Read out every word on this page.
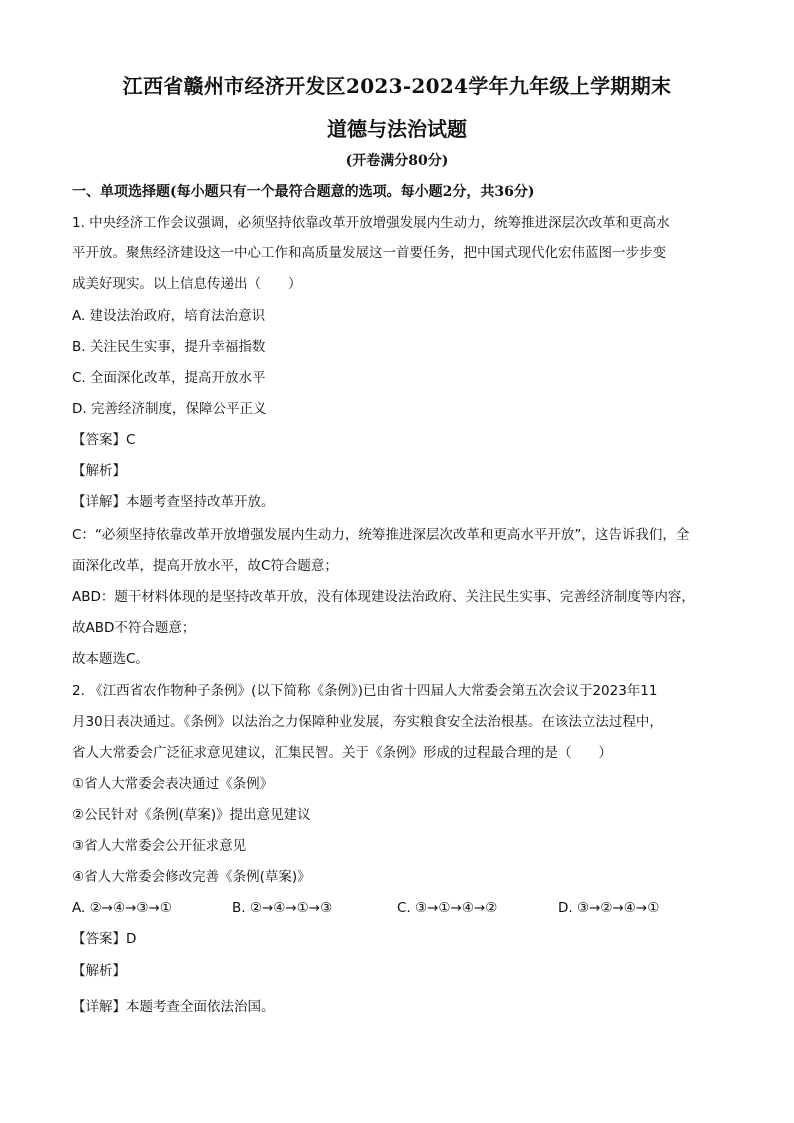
江西省赣州市经济开发区2023-2024学年九年级上学期期末
道德与法治试题
(开卷满分80分)
一、单项选择题(每小题只有一个最符合题意的选项。每小题2分，共36分)
1. 中央经济工作会议强调，必须坚持依靠改革开放增强发展内生动力，统筹推进深层次改革和更高水
平开放。聚焦经济建设这一中心工作和高质量发展这一首要任务，把中国式现代化宏伟蓝图一步步变
成美好现实。以上信息传递出（　　）
A. 建设法治政府，培育法治意识
B. 关注民生实事，提升幸福指数
C. 全面深化改革，提高开放水平
D. 完善经济制度，保障公平正义
【答案】C
【解析】
【详解】本题考查坚持改革开放。
C：“必须坚持依靠改革开放增强发展内生动力，统筹推进深层次改革和更高水平开放”，这告诉我们，全
面深化改革，提高开放水平，故C符合题意；
ABD：题干材料体现的是坚持改革开放，没有体现建设法治政府、关注民生实事、完善经济制度等内容，
故ABD不符合题意；
故本题选C。
2. 《江西省农作物种子条例》(以下简称《条例》)已由省十四届人大常委会第五次会议于2023年11
月30日表决通过。《条例》以法治之力保障种业发展，夯实粮食安全法治根基。在该法立法过程中，
省人大常委会广泛征求意见建议，汇集民智。关于《条例》形成的过程最合理的是（　　）
①省人大常委会表决通过《条例》
②公民针对《条例(草案)》提出意见建议
③省人大常委会公开征求意见
④省人大常委会修改完善《条例(草案)》
A. ②→④→③→①	B. ②→④→①→③	C. ③→①→④→②	D. ③→②→④→①
【答案】D
【解析】
【详解】本题考查全面依法治国。
